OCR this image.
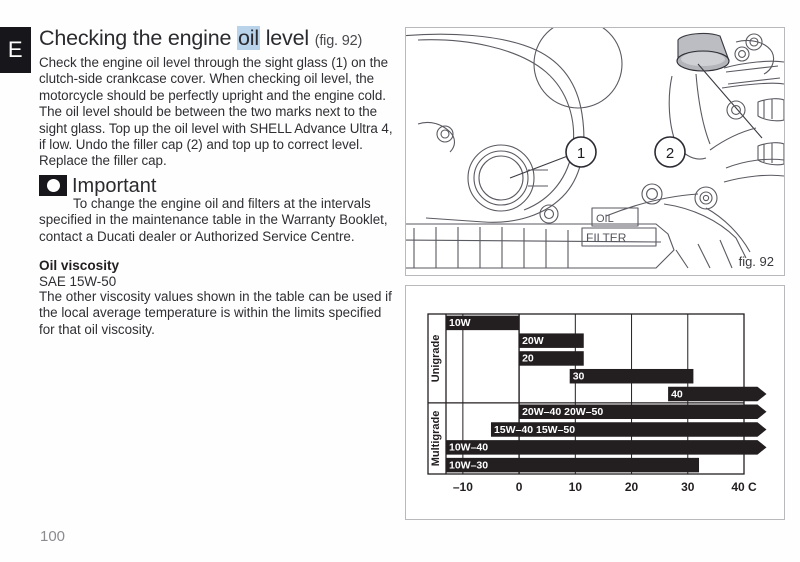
E Checking the engine oil level (fig. 92)

Check the engine oil level through the sight glass (1) on the clutch-side crankcase cover. When checking oil level, the motorcycle should be perfectly upright and the engine cold. The oil level should be between the two marks next to the sight glass. Top up the oil level with SHELL Advance Ultra 4, if low. Undo the filler cap (2) and top up to correct level. Replace the filler cap.

Important

To change the engine oil and filters at the intervals specified in the maintenance table in the Warranty Booklet, contact a Ducati dealer or Authorized Service Centre.

Oil viscosity

SAE 15W-50

The other viscosity values shown in the table can be used if the local average temperature is within the limits specified for that oil viscosity.

100
1	2
OIL
FILTER
fig. 92
Unigrade
Multigrade
10W
20W
20
30
40
20W–40 20W–50
15W–40 15W–50
10W–40
10W–30
–10	0	10	20	30	40 C
